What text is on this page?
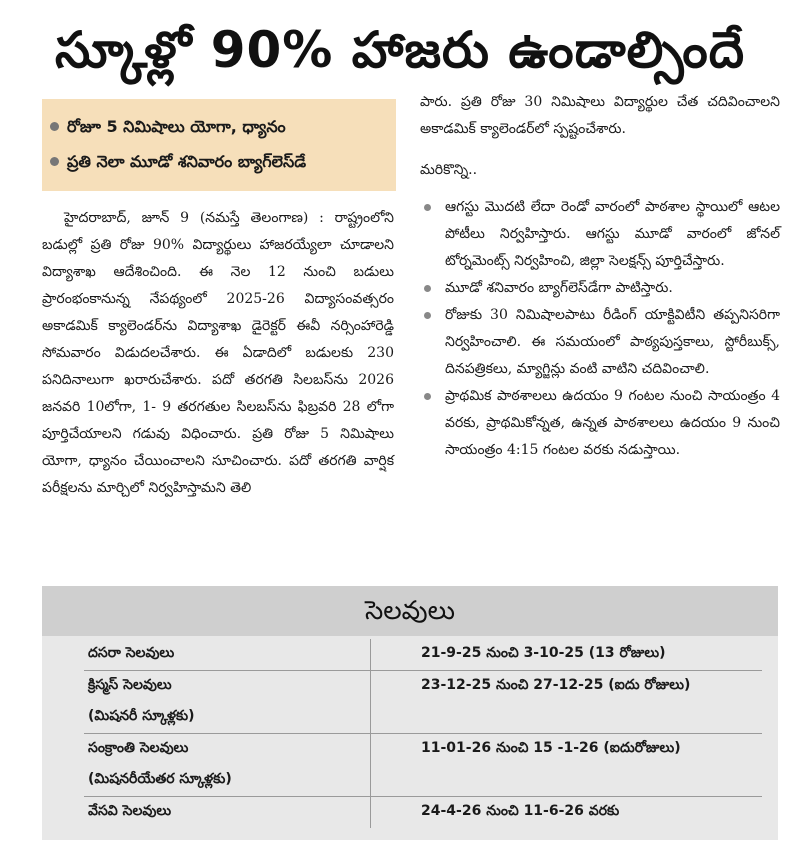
స్కూళ్లో 90% హాజరు ఉండాల్సిందే
రోజూ 5 నిమిషాలు యోగా, ధ్యానం
ప్రతి నెలా మూడో శనివారం బ్యాగ్‌లెస్‌డే

హైదరాబాద్, జూన్ 9 (నమస్తే తెలంగాణ) : రాష్ట్రంలోని బడుల్లో ప్రతి రోజు 90% విద్యార్థులు హాజరయ్యేలా చూడాలని విద్యాశాఖ ఆదేశించింది. ఈ నెల 12 నుంచి బడులు ప్రారంభంకానున్న నేపథ్యంలో 2025-26 విద్యాసంవత్సరం అకాడమిక్ క్యాలెండర్‌ను విద్యాశాఖ డైరెక్టర్ ఈవీ నర్సింహారెడ్డి సోమవారం విడుదలచేశారు. ఈ ఏడాదిలో బడులకు 230 పనిదినాలుగా ఖరారుచేశారు. పదో తరగతి సిలబస్‌ను 2026 జనవరి 10లోగా, 1- 9 తరగతుల సిలబస్‌ను ఫిబ్రవరి 28 లోగా పూర్తిచేయాలని గడువు విధించారు. ప్రతి రోజు 5 నిమిషాలు యోగా, ధ్యానం చేయించాలని సూచించారు. పదో తరగతి వార్షిక పరీక్షలను మార్చిలో నిర్వహిస్తామని తెలి

పారు. ప్రతి రోజు 30 నిమిషాలు విద్యార్థుల చేత చదివించాలని అకాడమిక్ క్యాలెండర్‌లో స్పష్టంచేశారు.

మరికొన్ని..

ఆగస్టు మొదటి లేదా రెండో వారంలో పాఠశాల స్థాయిలో ఆటల పోటీలు నిర్వహిస్తారు. ఆగస్టు మూడో వారంలో జోనల్ టోర్నమెంట్స్ నిర్వహించి, జిల్లా సెలక్షన్స్ పూర్తిచేస్తారు.
మూడో శనివారం బ్యాగ్‌లెస్‌డేగా పాటిస్తారు.
రోజుకు 30 నిమిషాలపాటు రీడింగ్ యాక్టివిటీని తప్పనిసరిగా నిర్వహించాలి. ఈ సమయంలో పాఠ్యపుస్తకాలు, స్టోరీబుక్స్, దినపత్రికలు, మ్యాగ్జిన్లు వంటి వాటిని చదివించాలి.
ప్రాథమిక పాఠశాలలు ఉదయం 9 గంటల నుంచి సాయంత్రం 4 వరకు, ప్రాథమికోన్నత, ఉన్నత పాఠశాలలు ఉదయం 9 నుంచి సాయంత్రం 4:15 గంటల వరకు నడుస్తాయి.
సెలవులు
దసరా సెలవులు	21-9-25 నుంచి 3-10-25 (13 రోజులు)
క్రిస్మస్ సెలవులు	23-12-25 నుంచి 27-12-25 (ఐదు రోజులు)
(మిషనరీ స్కూళ్లకు)	
సంక్రాంతి సెలవులు	11-01-26 నుంచి 15 -1-26 (ఐదురోజులు)
(మిషనరీయేతర స్కూళ్లకు)	
వేసవి సెలవులు	24-4-26 నుంచి 11-6-26 వరకు
